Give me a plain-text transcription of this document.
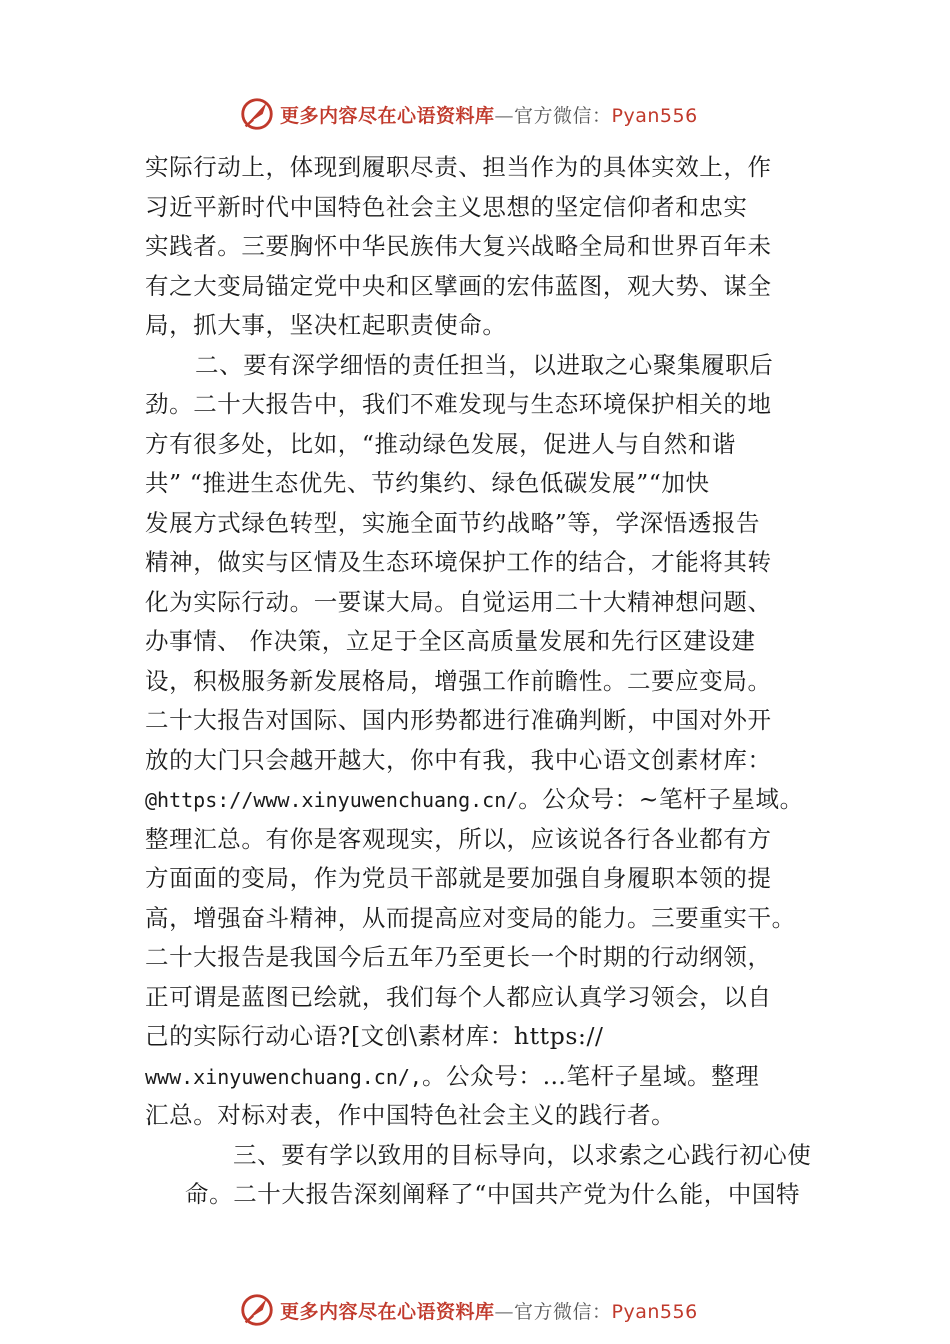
更多内容尽在心语资料库—官方微信：Pyan556
实际行动上，体现到履职尽责、担当作为的具体实效上，作
习近平新时代中国特色社会主义思想的坚定信仰者和忠实
实践者。三要胸怀中华民族伟大复兴战略全局和世界百年未
有之大变局锚定党中央和区擘画的宏伟蓝图，观大势、谋全
局，抓大事，坚决杠起职责使命。
二、要有深学细悟的责任担当，以进取之心聚集履职后
劲。二十大报告中，我们不难发现与生态环境保护相关的地
方有很多处，比如，“推动绿色发展，促进人与自然和谐
共” “推进生态优先、节约集约、绿色低碳发展”“加快
发展方式绿色转型，实施全面节约战略”等，学深悟透报告
精神，做实与区情及生态环境保护工作的结合，才能将其转
化为实际行动。一要谋大局。自觉运用二十大精神想问题、
办事情、 作决策，立足于全区高质量发展和先行区建设建
设，积极服务新发展格局，增强工作前瞻性。二要应变局。
二十大报告对国际、国内形势都进行准确判断，中国对外开
放的大门只会越开越大，你中有我，我中心语文创素材库：
@https://www.xinyuwenchuang.cn/。公众号：~笔杆子星域。
整理汇总。有你是客观现实，所以，应该说各行各业都有方
方面面的变局，作为党员干部就是要加强自身履职本领的提
高，增强奋斗精神，从而提高应对变局的能力。三要重实干。
二十大报告是我国今后五年乃至更长一个时期的行动纲领，
正可谓是蓝图已绘就，我们每个人都应认真学习领会，以自
己的实际行动心语?[文创\素材库：https://
www.xinyuwenchuang.cn/,。公众号：…笔杆子星域。整理
汇总。对标对表，作中国特色社会主义的践行者。
三、要有学以致用的目标导向，以求索之心践行初心使
命。二十大报告深刻阐释了“中国共产党为什么能，中国特
更多内容尽在心语资料库—官方微信：Pyan556
